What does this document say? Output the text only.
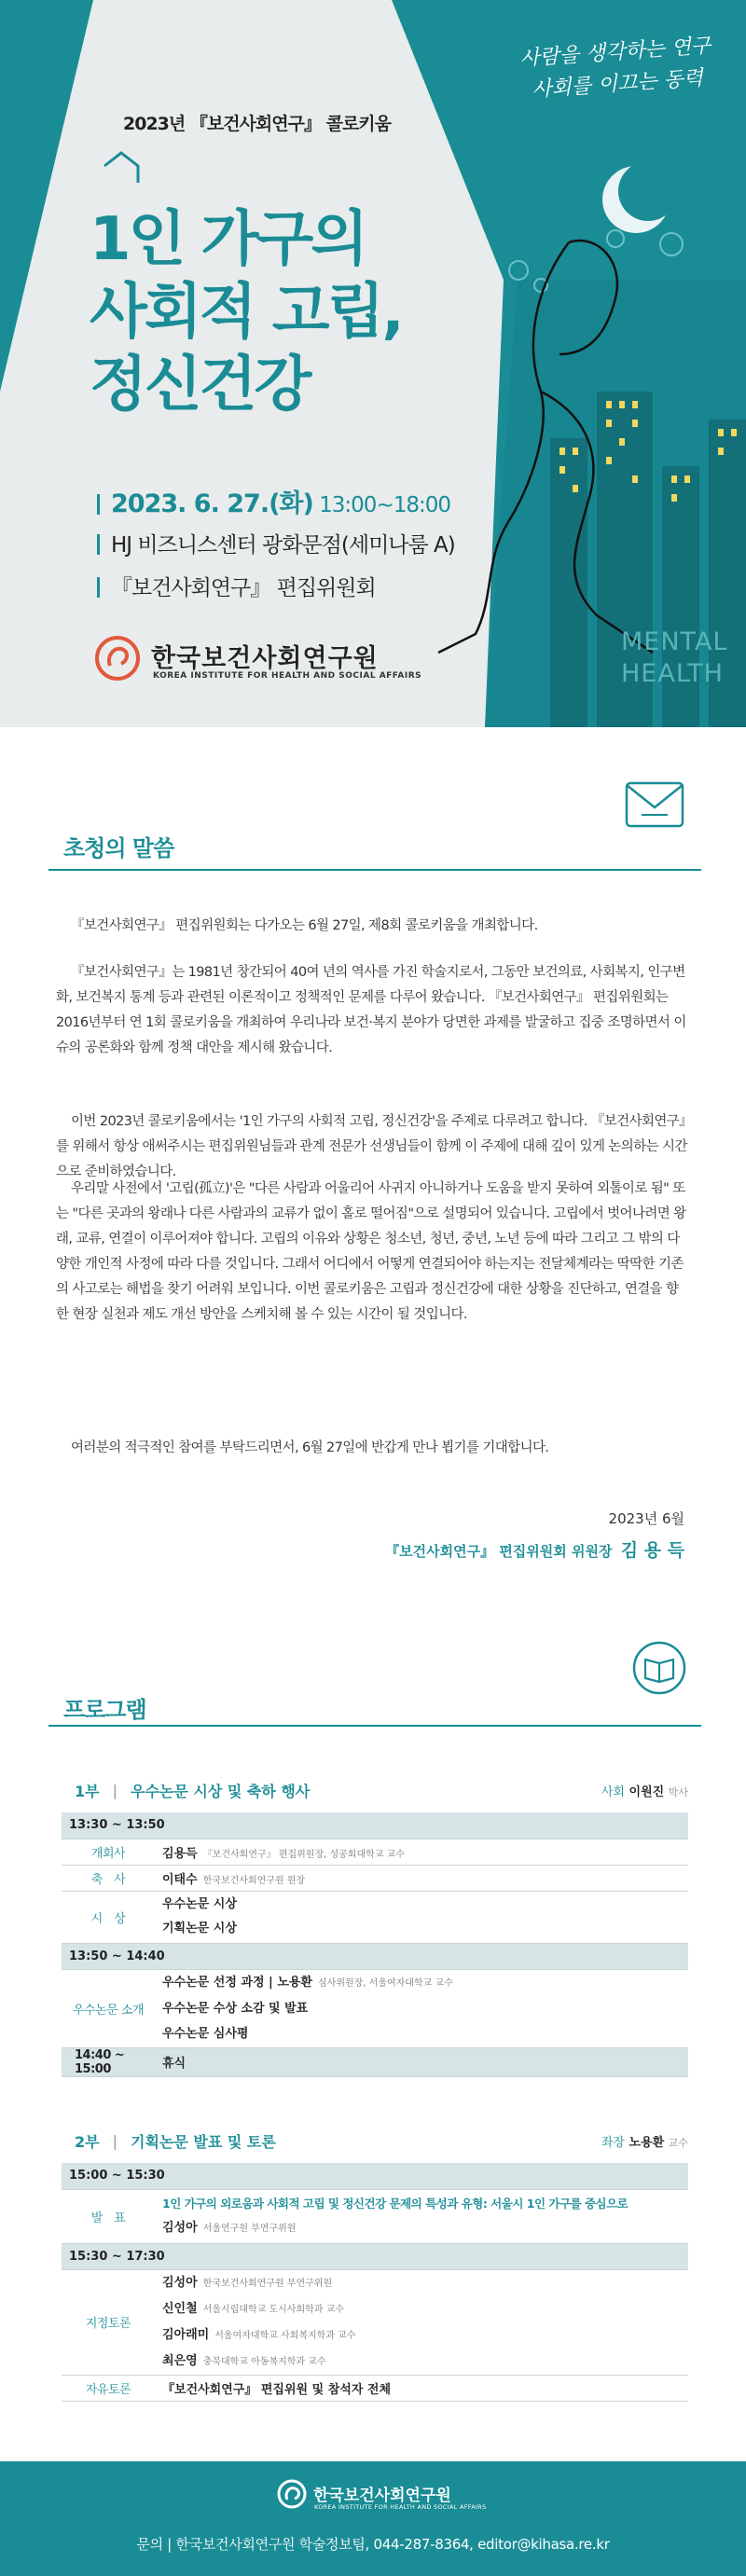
사람을 생각하는 연구
사회를 이끄는 동력
2023년 『보건사회연구』 콜로키움
1인 가구의
사회적 고립,
정신건강
2023. 6. 27.(화) 13:00~18:00
HJ 비즈니스센터 광화문점(세미나룸 A)
『보건사회연구』 편집위원회
한국보건사회연구원
KOREA INSTITUTE FOR HEALTH AND SOCIAL AFFAIRS
MENTAL
HEALTH
초청의 말씀

『보건사회연구』 편집위원회는 다가오는 6월 27일, 제8회 콜로키움을 개최합니다.

『보건사회연구』는 1981년 창간되어 40여 년의 역사를 가진 학술지로서, 그동안 보건의료, 사회복지, 인구변화, 보건복지 통계 등과 관련된 이론적이고 정책적인 문제를 다루어 왔습니다. 『보건사회연구』 편집위원회는 2016년부터 연 1회 콜로키움을 개최하여 우리나라 보건·복지 분야가 당면한 과제를 발굴하고 집중 조명하면서 이슈의 공론화와 함께 정책 대안을 제시해 왔습니다.

이번 2023년 콜로키움에서는 '1인 가구의 사회적 고립, 정신건강'을 주제로 다루려고 합니다. 『보건사회연구』를 위해서 항상 애써주시는 편집위원님들과 관계 전문가 선생님들이 함께 이 주제에 대해 깊이 있게 논의하는 시간으로 준비하였습니다.

우리말 사전에서 '고립(孤立)'은 "다른 사람과 어울리어 사귀지 아니하거나 도움을 받지 못하여 외톨이로 됨" 또는 "다른 곳과의 왕래나 다른 사람과의 교류가 없이 홀로 떨어짐"으로 설명되어 있습니다. 고립에서 벗어나려면 왕래, 교류, 연결이 이루어져야 합니다. 고립의 이유와 상황은 청소년, 청년, 중년, 노년 등에 따라 그리고 그 밖의 다양한 개인적 사정에 따라 다를 것입니다. 그래서 어디에서 어떻게 연결되어야 하는지는 전달체계라는 딱딱한 기존의 사고로는 해법을 찾기 어려워 보입니다. 이번 콜로키움은 고립과 정신건강에 대한 상황을 진단하고, 연결을 향한 현장 실천과 제도 개선 방안을 스케치해 볼 수 있는 시간이 될 것입니다.

여러분의 적극적인 참여를 부탁드리면서, 6월 27일에 반갑게 만나 뵙기를 기대합니다.

2023년 6월
『보건사회연구』 편집위원회 위원장 김 용 득
프로그램
1부 | 우수논문 시상 및 축하 행사	사회 이원진 박사
13:30 ~ 13:50	
개회사	김용득 『보건사회연구』 편집위원장, 성공회대학교 교수
축　사	이태수 한국보건사회연구원 원장
시　상	우수논문 시상
기획논문 시상

13:50 ~ 14:40	
우수논문 소개	우수논문 선정 과정 | 노용환 심사위원장, 서울여자대학교 교수
우수논문 수상 소감 및 발표
우수논문 심사평

14:40 ~ 15:00	휴식
2부 | 기획논문 발표 및 토론	좌장 노용환 교수
15:00 ~ 15:30	
발　표	1인 가구의 외로움과 사회적 고립 및 정신건강 문제의 특성과 유형: 서울시 1인 가구를 중심으로
김성아 서울연구원 부연구위원

15:30 ~ 17:30	
지정토론	김성아 한국보건사회연구원 부연구위원
신인철 서울시립대학교 도시사회학과 교수
김아래미 서울여자대학교 사회복지학과 교수
최은영 충북대학교 아동복지학과 교수

자유토론	『보건사회연구』 편집위원 및 참석자 전체
한국보건사회연구원
KOREA INSTITUTE FOR HEALTH AND SOCIAL AFFAIRS
문의 | 한국보건사회연구원 학술정보팀, 044-287-8364, editor@kihasa.re.kr
